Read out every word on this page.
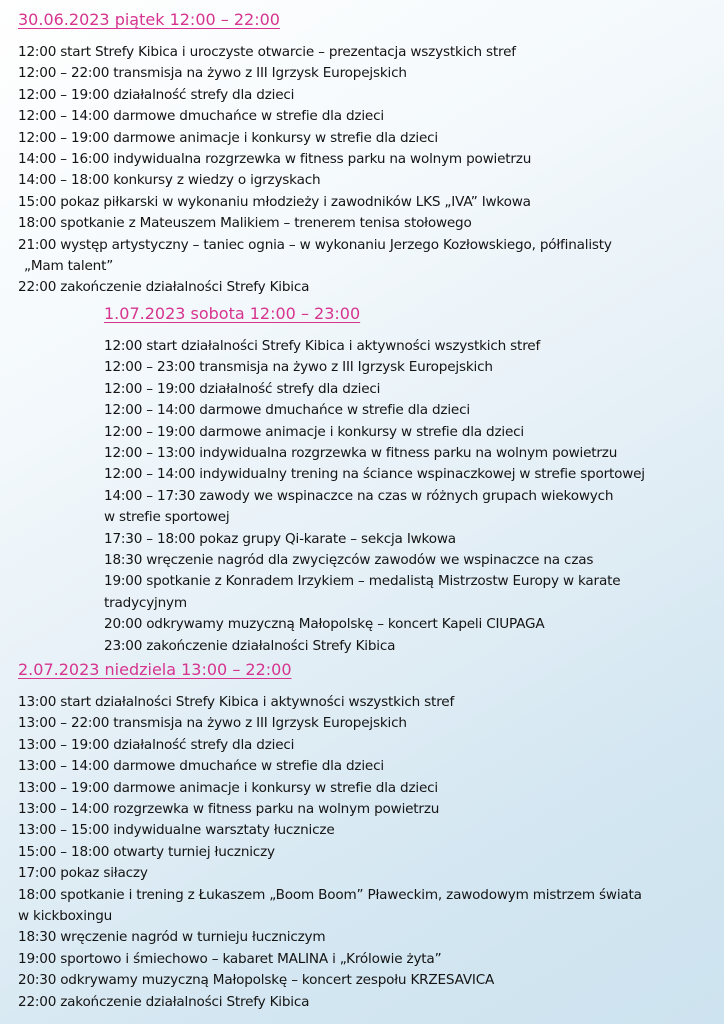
30.06.2023 piątek 12:00 – 22:00
12:00 start Strefy Kibica i uroczyste otwarcie – prezentacja wszystkich stref
12:00 – 22:00 transmisja na żywo z III Igrzysk Europejskich
12:00 – 19:00 działalność strefy dla dzieci
12:00 – 14:00 darmowe dmuchańce w strefie dla dzieci
12:00 – 19:00 darmowe animacje i konkursy w strefie dla dzieci
14:00 – 16:00 indywidualna rozgrzewka w fitness parku na wolnym powietrzu
14:00 – 18:00 konkursy z wiedzy o igrzyskach
15:00 pokaz piłkarski w wykonaniu młodzieży i zawodników LKS „IVA” Iwkowa
18:00 spotkanie z Mateuszem Malikiem – trenerem tenisa stołowego
21:00 występ artystyczny – taniec ognia – w wykonaniu Jerzego Kozłowskiego, półfinalisty
„Mam talent”
22:00 zakończenie działalności Strefy Kibica
1.07.2023 sobota 12:00 – 23:00
12:00 start działalności Strefy Kibica i aktywności wszystkich stref
12:00 – 23:00 transmisja na żywo z III Igrzysk Europejskich
12:00 – 19:00 działalność strefy dla dzieci
12:00 – 14:00 darmowe dmuchańce w strefie dla dzieci
12:00 – 19:00 darmowe animacje i konkursy w strefie dla dzieci
12:00 – 13:00 indywidualna rozgrzewka w fitness parku na wolnym powietrzu
12:00 – 14:00 indywidualny trening na ściance wspinaczkowej w strefie sportowej
14:00 – 17:30 zawody we wspinaczce na czas w różnych grupach wiekowych
w strefie sportowej
17:30 – 18:00 pokaz grupy Qi-karate – sekcja Iwkowa
18:30 wręczenie nagród dla zwycięzców zawodów we wspinaczce na czas
19:00 spotkanie z Konradem Irzykiem – medalistą Mistrzostw Europy w karate
tradycyjnym
20:00 odkrywamy muzyczną Małopolskę – koncert Kapeli CIUPAGA
23:00 zakończenie działalności Strefy Kibica
2.07.2023 niedziela 13:00 – 22:00
13:00 start działalności Strefy Kibica i aktywności wszystkich stref
13:00 – 22:00 transmisja na żywo z III Igrzysk Europejskich
13:00 – 19:00 działalność strefy dla dzieci
13:00 – 14:00 darmowe dmuchańce w strefie dla dzieci
13:00 – 19:00 darmowe animacje i konkursy w strefie dla dzieci
13:00 – 14:00 rozgrzewka w fitness parku na wolnym powietrzu
13:00 – 15:00 indywidualne warsztaty łucznicze
15:00 – 18:00 otwarty turniej łuczniczy
17:00 pokaz siłaczy
18:00 spotkanie i trening z Łukaszem „Boom Boom” Pławeckim, zawodowym mistrzem świata
w kickboxingu
18:30 wręczenie nagród w turnieju łuczniczym
19:00 sportowo i śmiechowo – kabaret MALINA i „Królowie żyta”
20:30 odkrywamy muzyczną Małopolskę – koncert zespołu KRZESAVICA
22:00 zakończenie działalności Strefy Kibica
